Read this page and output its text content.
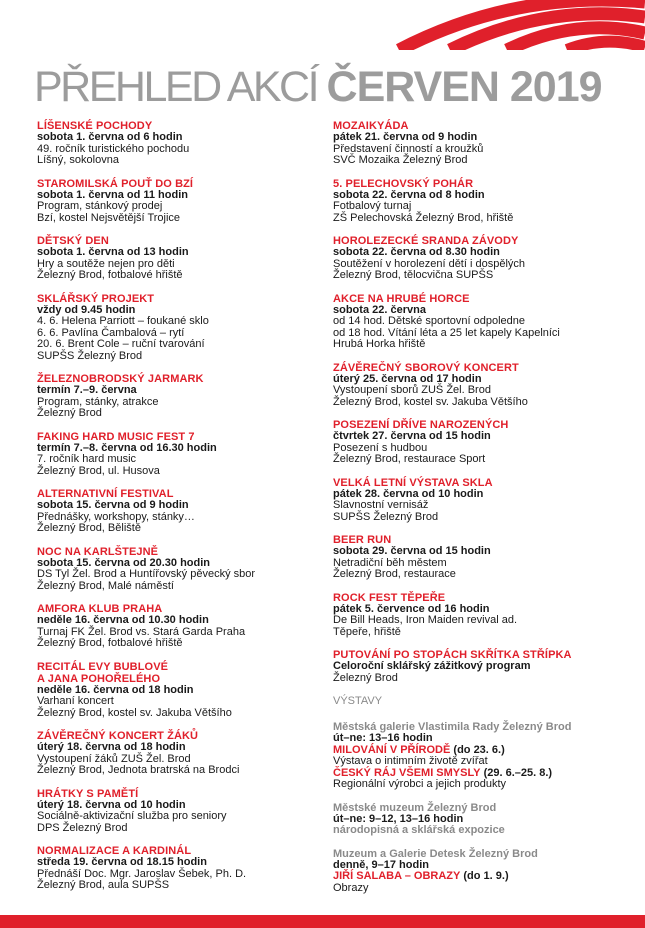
PŘEHLED AKCÍ ČERVEN 2019
LÍŠENSKÉ POCHODY
sobota 1. června od 6 hodin
49. ročník turistického pochodu
Líšný, sokolovna
STAROMILSKÁ POUŤ DO BZÍ
sobota 1. června od 11 hodin
Program, stánkový prodej
Bzí, kostel Nejsvětější Trojice
DĚTSKÝ DEN
sobota 1. června od 13 hodin
Hry a soutěže nejen pro děti
Železný Brod, fotbalové hřiště
SKLÁŘSKÝ PROJEKT
vždy od 9.45 hodin
4. 6. Helena Parriott – foukané sklo
6. 6. Pavlína Čambalová – rytí
20. 6. Brent Cole – ruční tvarování
SUPŠS Železný Brod
ŽELEZNOBRODSKÝ JARMARK
termín 7.–9. června
Program, stánky, atrakce
Železný Brod
FAKING HARD MUSIC FEST 7
termín 7.–8. června od 16.30 hodin
7. ročník hard music
Železný Brod, ul. Husova
ALTERNATIVNÍ FESTIVAL
sobota 15. června od 9 hodin
Přednášky, workshopy, stánky…
Železný Brod, Běliště
NOC NA KARLŠTEJNĚ
sobota 15. června od 20.30 hodin
DS Tyl Žel. Brod a Huntířovský pěvecký sbor
Železný Brod, Malé náměstí
AMFORA KLUB PRAHA
neděle 16. června od 10.30 hodin
Turnaj FK Žel. Brod vs. Stará Garda Praha
Železný Brod, fotbalové hřiště
RECITÁL EVY BUBLOVÉ
A JANA POHOŘELÉHO
neděle 16. června od 18 hodin
Varhaní koncert
Železný Brod, kostel sv. Jakuba Většího
ZÁVĚREČNÝ KONCERT ŽÁKŮ
úterý 18. června od 18 hodin
Vystoupení žáků ZUŠ Žel. Brod
Železný Brod, Jednota bratrská na Brodci
HRÁTKY S PAMĚTÍ
úterý 18. června od 10 hodin
Sociálně-aktivizační služba pro seniory
DPS Železný Brod
NORMALIZACE A KARDINÁL
středa 19. června od 18.15 hodin
Přednáší Doc. Mgr. Jaroslav Šebek, Ph. D.
Železný Brod, aula SUPŠS
MOZAIKYÁDA
pátek 21. června od 9 hodin
Představení činností a kroužků
SVČ Mozaika Železný Brod
5. PELECHOVSKÝ POHÁR
sobota 22. června od 8 hodin
Fotbalový turnaj
ZŠ Pelechovská Železný Brod, hřiště
HOROLEZECKÉ SRANDA ZÁVODY
sobota 22. června od 8.30 hodin
Soutěžení v horolezení dětí i dospělých
Železný Brod, tělocvična SUPŠS
AKCE NA HRUBÉ HORCE
sobota 22. června
od 14 hod. Dětské sportovní odpoledne
od 18 hod. Vítání léta a 25 let kapely Kapelníci
Hrubá Horka hřiště
ZÁVĚREČNÝ SBOROVÝ KONCERT
úterý 25. června od 17 hodin
Vystoupení sborů ZUŠ Žel. Brod
Železný Brod, kostel sv. Jakuba Většího
POSEZENÍ DŘÍVE NAROZENÝCH
čtvrtek 27. června od 15 hodin
Posezení s hudbou
Železný Brod, restaurace Sport
VELKÁ LETNÍ VÝSTAVA SKLA
pátek 28. června od 10 hodin
Slavnostní vernisáž
SUPŠS Železný Brod
BEER RUN
sobota 29. června od 15 hodin
Netradiční běh městem
Železný Brod, restaurace
ROCK FEST TĚPEŘE
pátek 5. července od 16 hodin
De Bill Heads, Iron Maiden revival ad.
Těpeře, hřiště
PUTOVÁNÍ PO STOPÁCH SKŘÍTKA STŘÍPKA
Celoroční sklářský zážitkový program
Železný Brod
VÝSTAVY
Městská galerie Vlastimila Rady Železný Brod
út–ne: 13–16 hodin
MILOVÁNÍ V PŘÍRODĚ (do 23. 6.)
Výstava o intimním životě zvířat
ČESKÝ RÁJ VŠEMI SMYSLY (29. 6.–25. 8.)
Regionální výrobci a jejich produkty
Městské muzeum Železný Brod
út–ne: 9–12, 13–16 hodin
národopisná a sklářská expozice
Muzeum a Galerie Detesk Železný Brod
denně, 9–17 hodin
JIŘÍ SALABA – OBRAZY (do 1. 9.)
Obrazy
